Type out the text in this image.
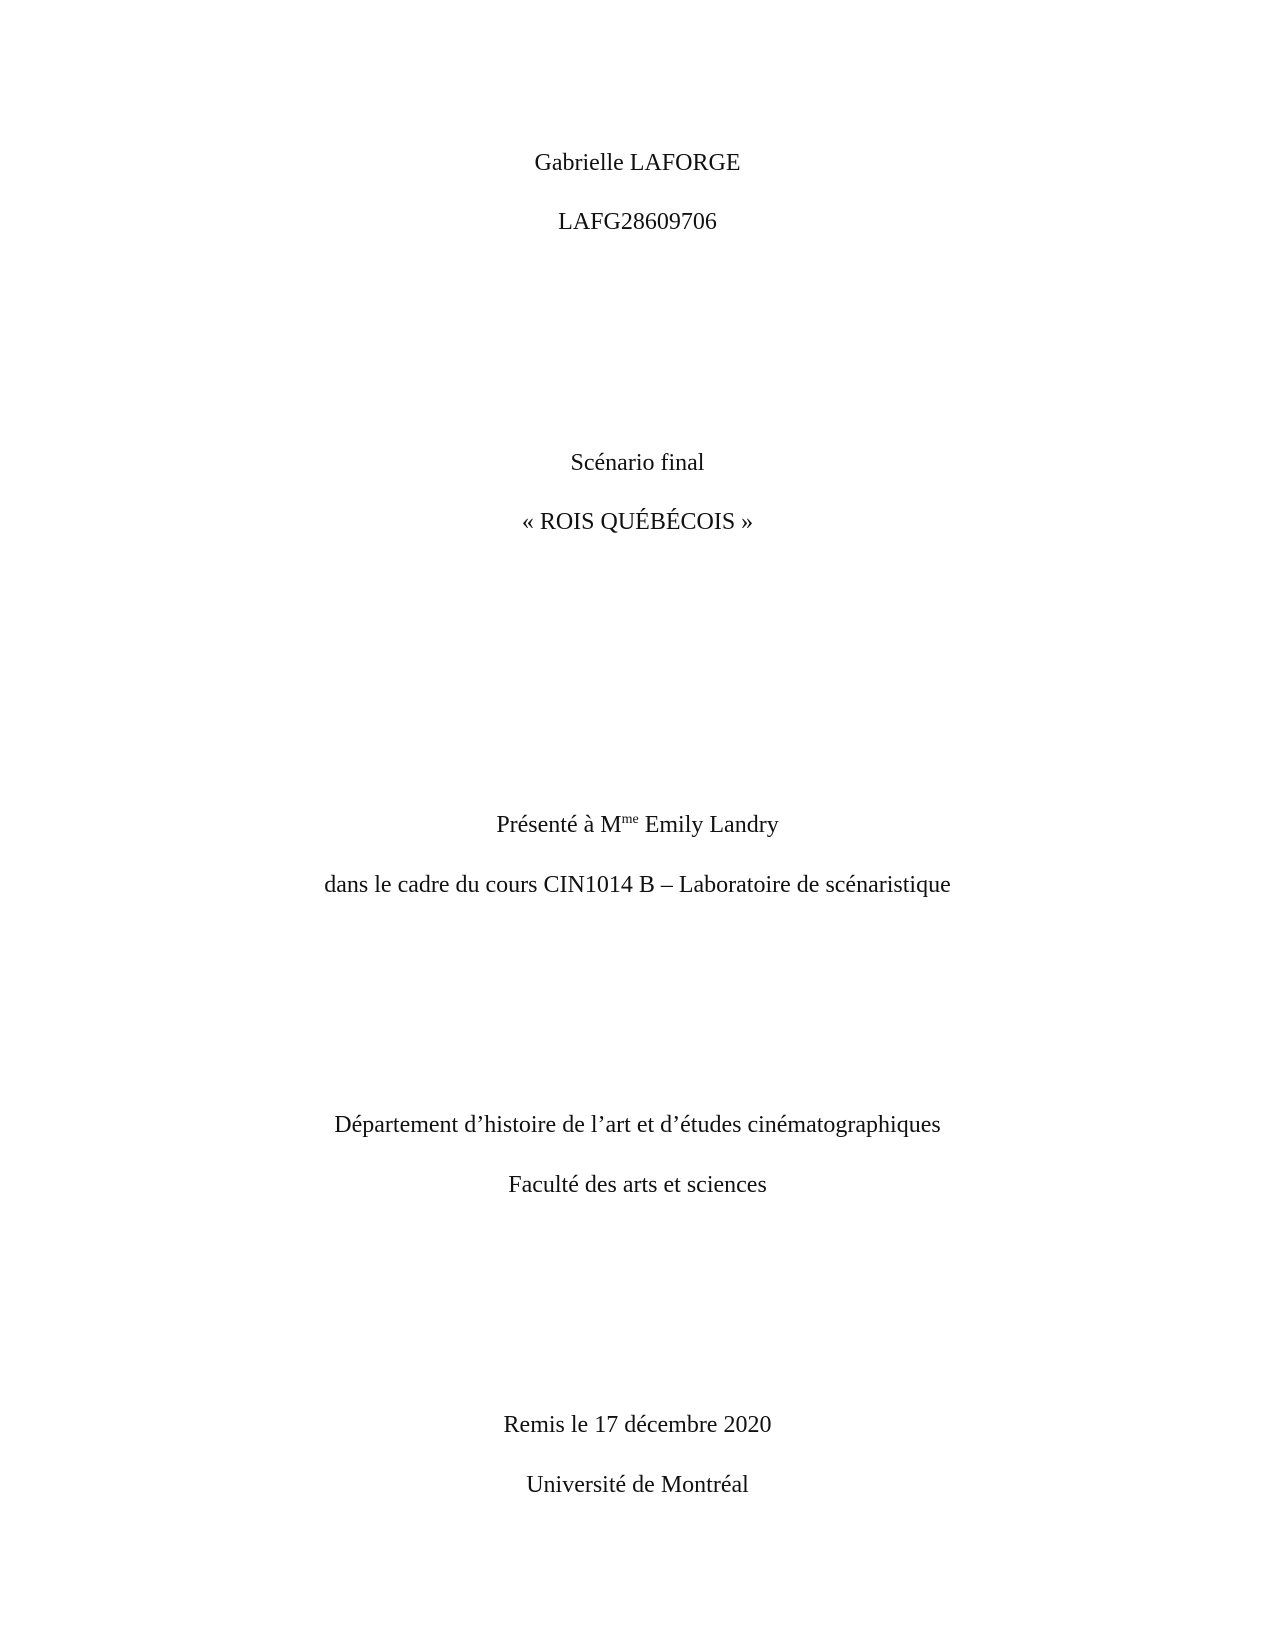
Gabrielle LAFORGE
LAFG28609706
Scénario final
« ROIS QUÉBÉCOIS »
Présenté à $M^{me}$ Emily Landry
dans le cadre du cours CIN1014 B – Laboratoire de scénaristique
Département d’histoire de l’art et d’études cinématographiques
Faculté des arts et sciences
Remis le 17 décembre 2020
Université de Montréal
